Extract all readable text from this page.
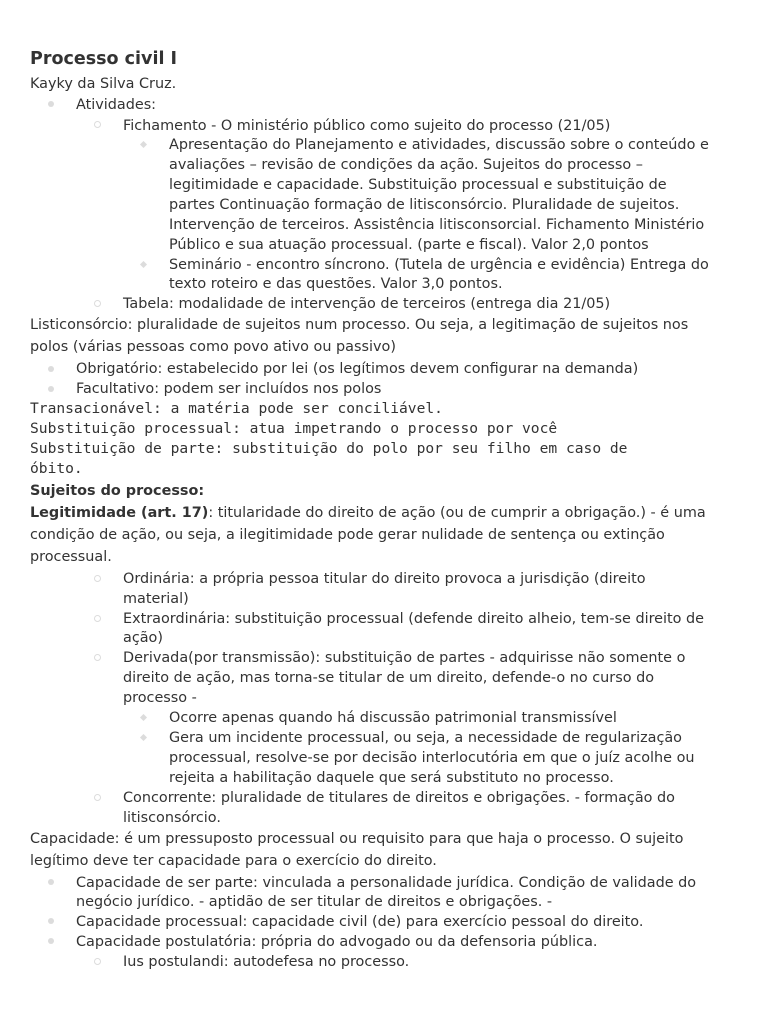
Processo civil I
Kayky da Silva Cruz.
Atividades:
Fichamento - O ministério público como sujeito do processo (21/05)
Apresentação do Planejamento e atividades, discussão sobre o conteúdo e
avaliações – revisão de condições da ação. Sujeitos do processo –
legitimidade e capacidade. Substituição processual e substituição de
partes Continuação formação de litisconsórcio. Pluralidade de sujeitos.
Intervenção de terceiros. Assistência litisconsorcial. Fichamento Ministério
Público e sua atuação processual. (parte e fiscal). Valor 2,0 pontos
Seminário - encontro síncrono. (Tutela de urgência e evidência) Entrega do
texto roteiro e das questões. Valor 3,0 pontos.
Tabela: modalidade de intervenção de terceiros (entrega dia 21/05)
Listiconsórcio: pluralidade de sujeitos num processo. Ou seja, a legitimação de sujeitos nos
polos (várias pessoas como povo ativo ou passivo)
Obrigatório: estabelecido por lei (os legítimos devem configurar na demanda)
Facultativo: podem ser incluídos nos polos
Transacionável: a matéria pode ser conciliável.
Substituição processual: atua impetrando o processo por você
Substituição de parte: substituição do polo por seu filho em caso de
óbito.
Sujeitos do processo:
Legitimidade (art. 17): titularidade do direito de ação (ou de cumprir a obrigação.) - é uma
condição de ação, ou seja, a ilegitimidade pode gerar nulidade de sentença ou extinção
processual.
Ordinária: a própria pessoa titular do direito provoca a jurisdição (direito
material)
Extraordinária: substituição processual (defende direito alheio, tem-se direito de
ação)
Derivada(por transmissão): substituição de partes - adquirisse não somente o
direito de ação, mas torna-se titular de um direito, defende-o no curso do
processo -
Ocorre apenas quando há discussão patrimonial transmissível
Gera um incidente processual, ou seja, a necessidade de regularização
processual, resolve-se por decisão interlocutória em que o juíz acolhe ou
rejeita a habilitação daquele que será substituto no processo.
Concorrente: pluralidade de titulares de direitos e obrigações. - formação do
litisconsórcio.
Capacidade: é um pressuposto processual ou requisito para que haja o processo. O sujeito
legítimo deve ter capacidade para o exercício do direito.
Capacidade de ser parte: vinculada a personalidade jurídica. Condição de validade do
negócio jurídico. - aptidão de ser titular de direitos e obrigações. -
Capacidade processual: capacidade civil (de) para exercício pessoal do direito.
Capacidade postulatória: própria do advogado ou da defensoria pública.
Ius postulandi: autodefesa no processo.
